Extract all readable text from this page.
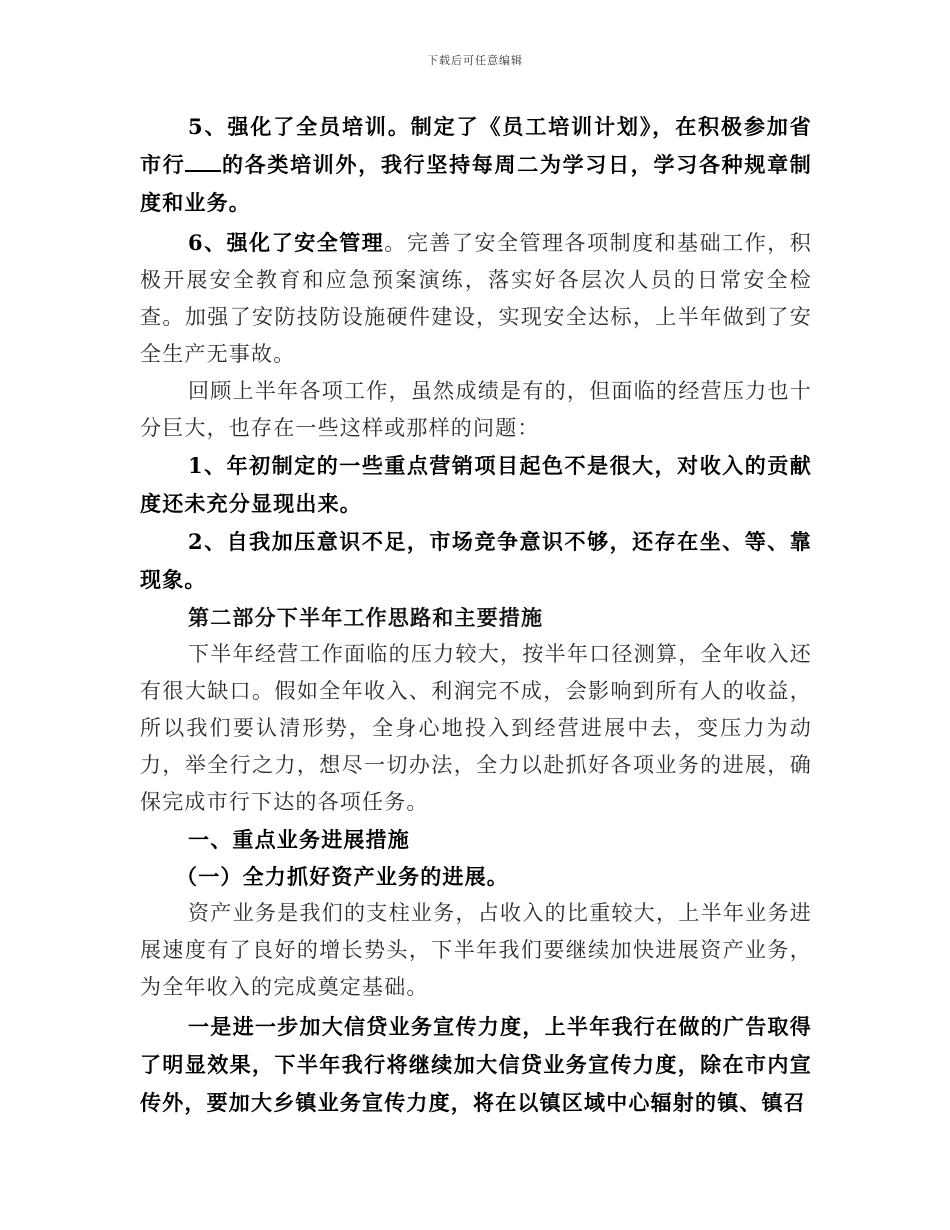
下载后可任意编辑

5、强化了全员培训。制定了《员工培训计划》，在积极参加省市行 的各类培训外，我行坚持每周二为学习日，学习各种规章制度和业务。

6、强化了安全管理。完善了安全管理各项制度和基础工作，积极开展安全教育和应急预案演练，落实好各层次人员的日常安全检查。加强了安防技防设施硬件建设，实现安全达标，上半年做到了安全生产无事故。

回顾上半年各项工作，虽然成绩是有的，但面临的经营压力也十分巨大，也存在一些这样或那样的问题：

1、年初制定的一些重点营销项目起色不是很大，对收入的贡献度还未充分显现出来。

2、自我加压意识不足，市场竞争意识不够，还存在坐、等、靠现象。

第二部分下半年工作思路和主要措施

下半年经营工作面临的压力较大，按半年口径测算，全年收入还有很大缺口。假如全年收入、利润完不成，会影响到所有人的收益，所以我们要认清形势，全身心地投入到经营进展中去，变压力为动力，举全行之力，想尽一切办法，全力以赴抓好各项业务的进展，确保完成市行下达的各项任务。

一、重点业务进展措施

（一）全力抓好资产业务的进展。

资产业务是我们的支柱业务，占收入的比重较大，上半年业务进展速度有了良好的增长势头，下半年我们要继续加快进展资产业务，为全年收入的完成奠定基础。

一是进一步加大信贷业务宣传力度，上半年我行在做的广告取得了明显效果，下半年我行将继续加大信贷业务宣传力度，除在市内宣传外，要加大乡镇业务宣传力度，将在以镇区域中心辐射的镇、镇召
